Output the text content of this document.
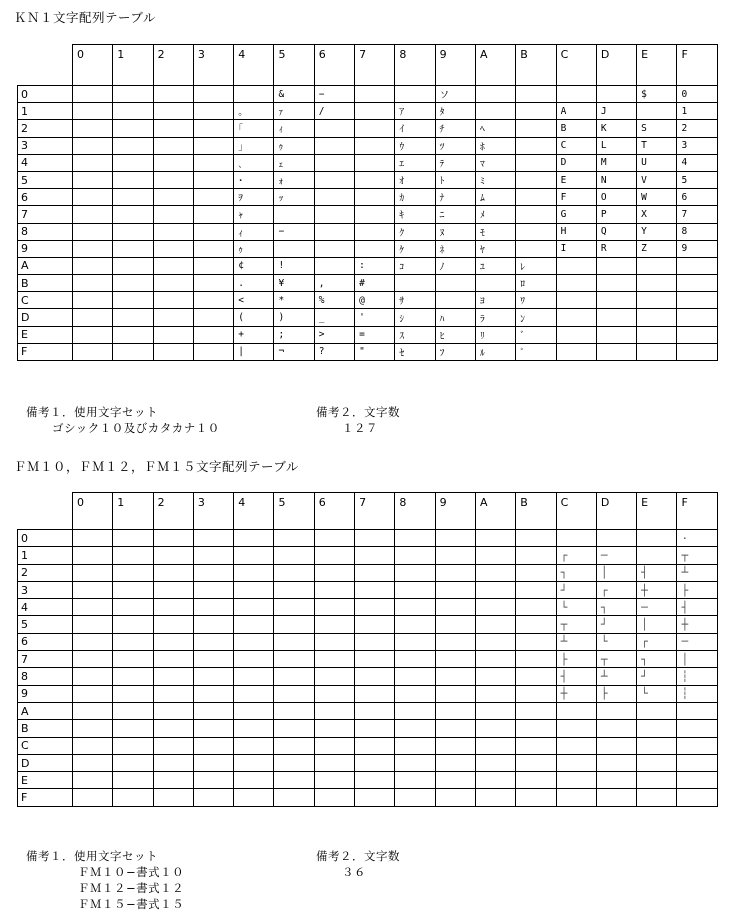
ＫＮ１文字配列テーブル
	0	1	2	3	4	5	6	7	8	9	A	B	C	D	E	F
0						&	−			ソ					$	0
1					｡	ｧ	/		ｱ	ﾀ			A	J		1
2					｢	ｨ			ｲ	ﾁ	ﾍ		B	K	S	2
3					｣	ｩ			ｳ	ﾂ	ﾎ		C	L	T	3
4					､	ｪ			ｴ	ﾃ	ﾏ		D	M	U	4
5					･	ｫ			ｵ	ﾄ	ﾐ		E	N	V	5
6					ｦ	ｯ			ｶ	ﾅ	ﾑ		F	O	W	6
7					ｬ				ｷ	ﾆ	ﾒ		G	P	X	7
8					ｨ	−			ｸ	ﾇ	ﾓ		H	Q	Y	8
9					ｩ				ｹ	ﾈ	ﾔ		I	R	Z	9
A					¢	!		:	ｺ	ﾉ	ﾕ	ﾚ				
B					.	¥	,	#				ﾛ				
C					<	*	%	@	ｻ		ﾖ	ﾜ				
D					(	)	_	'	ｼ	ﾊ	ﾗ	ﾝ				
E					+	;	>	=	ｽ	ﾋ	ﾘ	ﾞ				
F					|	¬	?	"	ｾ	ﾌ	ﾙ	ﾟ				
備考１．使用文字セット
ゴシック１０及びカタカナ１０
備考２．文字数
１２７
ＦＭ１０，ＦＭ１２，ＦＭ１５文字配列テーブル
	0	1	2	3	4	5	6	7	8	9	A	B	C	D	E	F
0																·
1													┌	─		┬
2													┐	│	┤	┴
3													┘	┌	┼	├
4													└	┐	─	┤
5													┬	┘	│	┼
6													┴	└	┌	─
7													├	┬	┐	│
8													┤	┴	┘	┆
9													┼	├	└	┆
A																
B																
C																
D																
E																
F																
備考１．使用文字セット
ＦＭ１０−書式１０
ＦＭ１２−書式１２
ＦＭ１５−書式１５
備考２．文字数
３６
